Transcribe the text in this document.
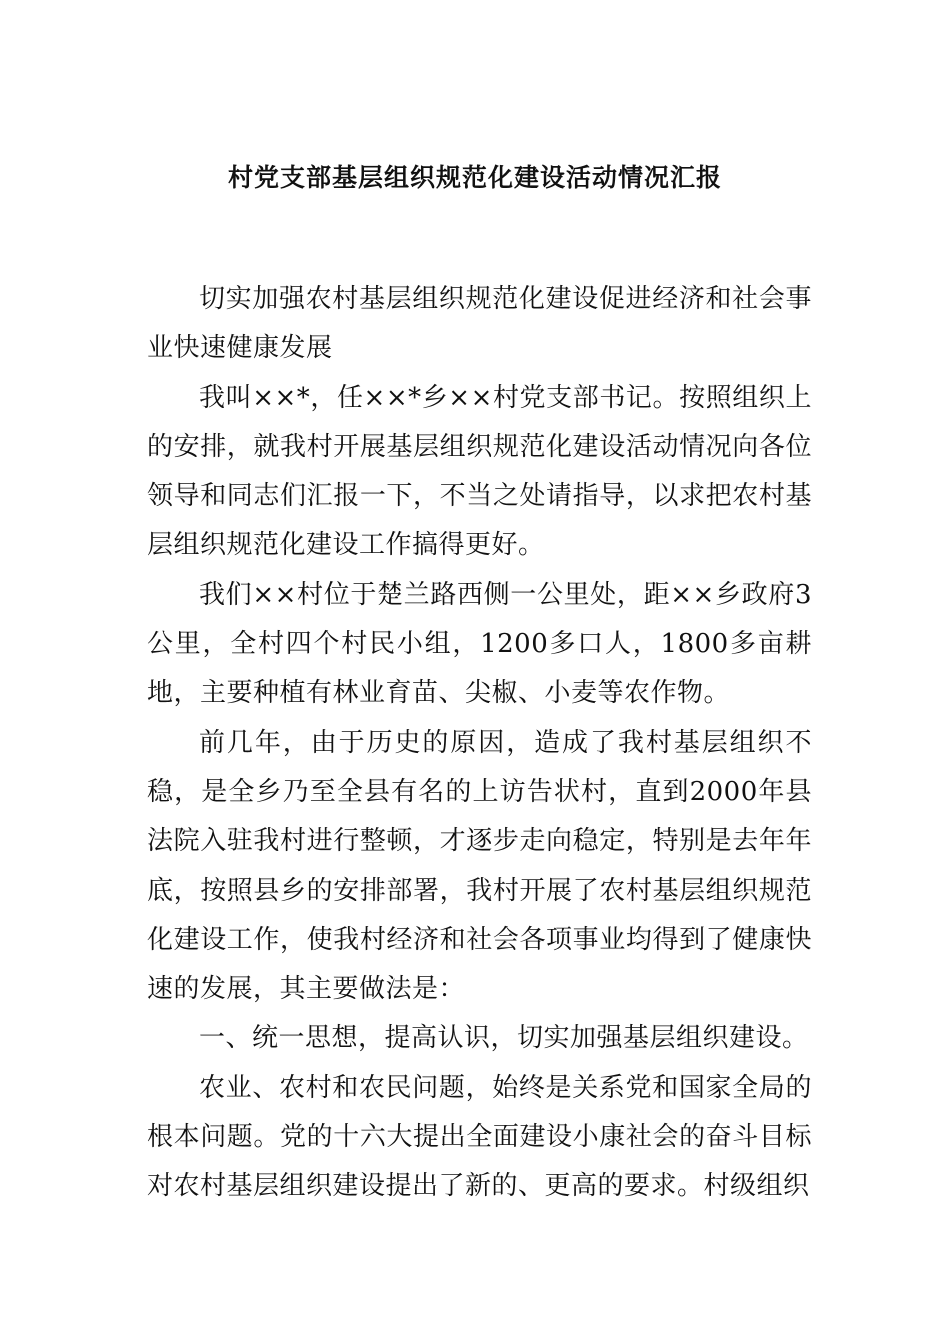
村党支部基层组织规范化建设活动情况汇报

切实加强农村基层组织规范化建设促进经济和社会事业快速健康发展

我叫××*，任××*乡××村党支部书记。按照组织上的安排，就我村开展基层组织规范化建设活动情况向各位领导和同志们汇报一下，不当之处请指导，以求把农村基层组织规范化建设工作搞得更好。

我们××村位于楚兰路西侧一公里处，距××乡政府3公里，全村四个村民小组，1200多口人，1800多亩耕地，主要种植有林业育苗、尖椒、小麦等农作物。

前几年，由于历史的原因，造成了我村基层组织不稳，是全乡乃至全县有名的上访告状村，直到2000年县法院入驻我村进行整顿，才逐步走向稳定，特别是去年年底，按照县乡的安排部署，我村开展了农村基层组织规范化建设工作，使我村经济和社会各项事业均得到了健康快速的发展，其主要做法是：

一、统一思想，提高认识，切实加强基层组织建设。

农业、农村和农民问题，始终是关系党和国家全局的根本问题。党的十六大提出全面建设小康社会的奋斗目标对农村基层组织建设提出了新的、更高的要求。村级组织
